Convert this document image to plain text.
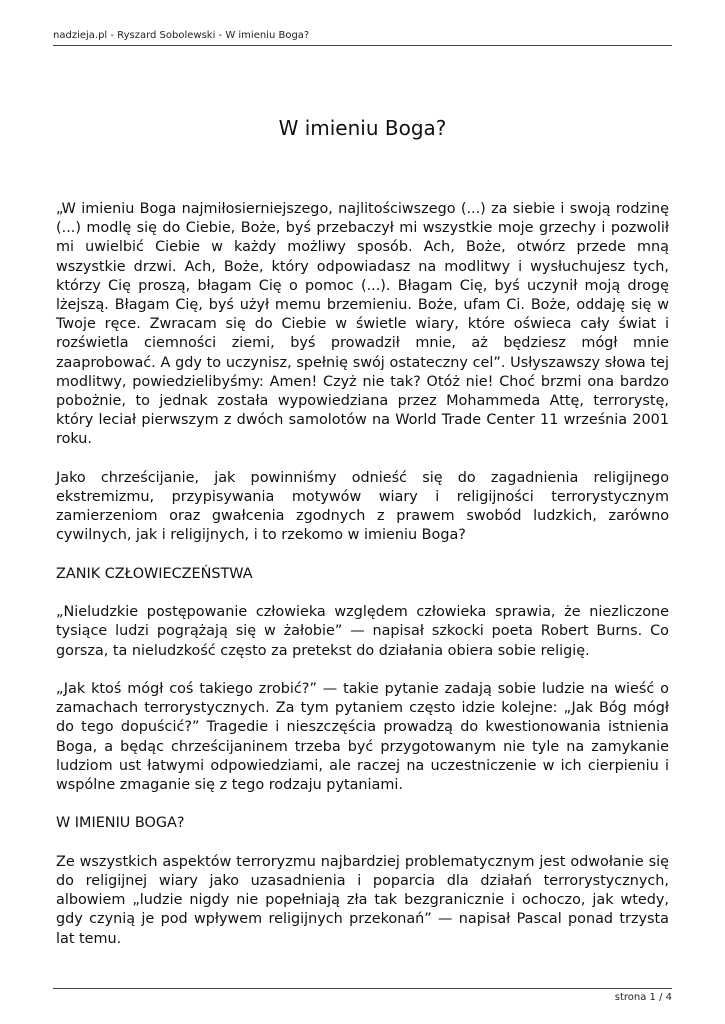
nadzieja.pl - Ryszard Sobolewski - W imieniu Boga?
W imieniu Boga?

„W imieniu Boga najmiłosierniejszego, najlitościwszego (...) za siebie i swoją rodzinę (...) modlę się do Ciebie, Boże, byś przebaczył mi wszystkie moje grzechy i pozwolił mi uwielbić Ciebie w każdy możliwy sposób. Ach, Boże, otwórz przede mną wszystkie drzwi. Ach, Boże, który odpowiadasz na modlitwy i wysłuchujesz tych, którzy Cię proszą, błagam Cię o pomoc (...). Błagam Cię, byś uczynił moją drogę lżejszą. Błagam Cię, byś użył memu brzemieniu. Boże, ufam Ci. Boże, oddaję się w Twoje ręce. Zwracam się do Ciebie w świetle wiary, które oświeca cały świat i rozświetla ciemności ziemi, byś prowadził mnie, aż będziesz mógł mnie zaaprobować. A gdy to uczynisz, spełnię swój ostateczny cel”. Usłyszawszy słowa tej modlitwy, powiedzielibyśmy: Amen! Czyż nie tak? Otóż nie! Choć brzmi ona bardzo pobożnie, to jednak została wypowiedziana przez Mohammeda Attę, terrorystę, który leciał pierwszym z dwóch samolotów na World Trade Center 11 września 2001 roku.

Jako chrześcijanie, jak powinniśmy odnieść się do zagadnienia religijnego ekstremizmu, przypisywania motywów wiary i religijności terrorystycznym zamierzeniom oraz gwałcenia zgodnych z prawem swobód ludzkich, zarówno cywilnych, jak i religijnych, i to rzekomo w imieniu Boga?

ZANIK CZŁOWIECZEŃSTWA

„Nieludzkie postępowanie człowieka względem człowieka sprawia, że niezliczone tysiące ludzi pogrążają się w żałobie” — napisał szkocki poeta Robert Burns. Co gorsza, ta nieludzkość często za pretekst do działania obiera sobie religię.

„Jak ktoś mógł coś takiego zrobić?” — takie pytanie zadają sobie ludzie na wieść o zamachach terrorystycznych. Za tym pytaniem często idzie kolejne: „Jak Bóg mógł do tego dopuścić?” Tragedie i nieszczęścia prowadzą do kwestionowania istnienia Boga, a będąc chrześcijaninem trzeba być przygotowanym nie tyle na zamykanie ludziom ust łatwymi odpowiedziami, ale raczej na uczestniczenie w ich cierpieniu i wspólne zmaganie się z tego rodzaju pytaniami.

W IMIENIU BOGA?

Ze wszystkich aspektów terroryzmu najbardziej problematycznym jest odwołanie się do religijnej wiary jako uzasadnienia i poparcia dla działań terrorystycznych, albowiem „ludzie nigdy nie popełniają zła tak bezgranicznie i ochoczo, jak wtedy, gdy czynią je pod wpływem religijnych przekonań” — napisał Pascal ponad trzysta lat temu.

strona 1 / 4
